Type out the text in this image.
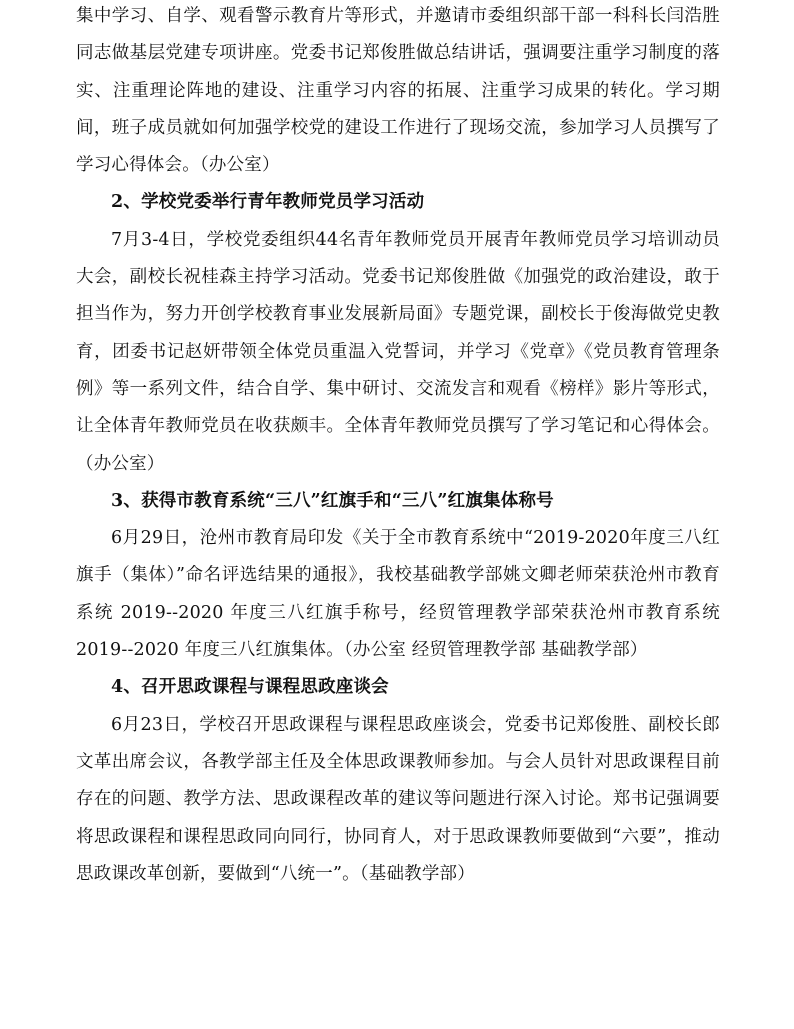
集中学习、自学、观看警示教育片等形式，并邀请市委组织部干部一科科长闫浩胜同志做基层党建专项讲座。党委书记郑俊胜做总结讲话，强调要注重学习制度的落实、注重理论阵地的建设、注重学习内容的拓展、注重学习成果的转化。学习期间，班子成员就如何加强学校党的建设工作进行了现场交流，参加学习人员撰写了学习心得体会。（办公室）

2、学校党委举行青年教师党员学习活动

7月3-4日，学校党委组织44名青年教师党员开展青年教师党员学习培训动员大会，副校长祝桂森主持学习活动。党委书记郑俊胜做《加强党的政治建设，敢于担当作为，努力开创学校教育事业发展新局面》专题党课，副校长于俊海做党史教育，团委书记赵妍带领全体党员重温入党誓词，并学习《党章》《党员教育管理条例》等一系列文件，结合自学、集中研讨、交流发言和观看《榜样》影片等形式，让全体青年教师党员在收获颇丰。全体青年教师党员撰写了学习笔记和心得体会。（办公室）

3、获得市教育系统“三八”红旗手和“三八”红旗集体称号

6月29日，沧州市教育局印发《关于全市教育系统中“2019-2020年度三八红旗手（集体）”命名评选结果的通报》，我校基础教学部姚文卿老师荣获沧州市教育系统 2019--2020 年度三八红旗手称号，经贸管理教学部荣获沧州市教育系统 2019--2020 年度三八红旗集体。（办公室 经贸管理教学部 基础教学部）

4、召开思政课程与课程思政座谈会

6月23日，学校召开思政课程与课程思政座谈会，党委书记郑俊胜、副校长郎文革出席会议，各教学部主任及全体思政课教师参加。与会人员针对思政课程目前存在的问题、教学方法、思政课程改革的建议等问题进行深入讨论。郑书记强调要将思政课程和课程思政同向同行，协同育人，对于思政课教师要做到“六要”，推动思政课改革创新，要做到“八统一”。（基础教学部）
